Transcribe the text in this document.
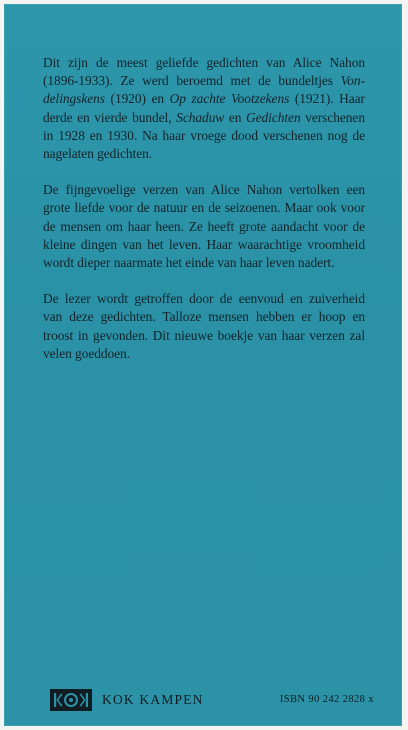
Dit zijn de meest geliefde gedichten van Alice Nahon
(1896-1933). Ze werd beroemd met de bundeltjes Von-
delingskens (1920) en Op zachte Vootzekens (1921). Haar
derde en vierde bundel, Schaduw en Gedichten verschenen
in 1928 en 1930. Na haar vroege dood verschenen nog de
nagelaten gedichten.

De fijngevoelige verzen van Alice Nahon vertolken een
grote liefde voor de natuur en de seizoenen. Maar ook voor
de mensen om haar heen. Ze heeft grote aandacht voor de
kleine dingen van het leven. Haar waarachtige vroomheid
wordt dieper naarmate het einde van haar leven nadert.

De lezer wordt getroffen door de eenvoud en zuiverheid
van deze gedichten. Talloze mensen hebben er hoop en
troost in gevonden. Dit nieuwe boekje van haar verzen zal
velen goeddoen.

KOK KAMPEN	ISBN 90 242 2828 x
